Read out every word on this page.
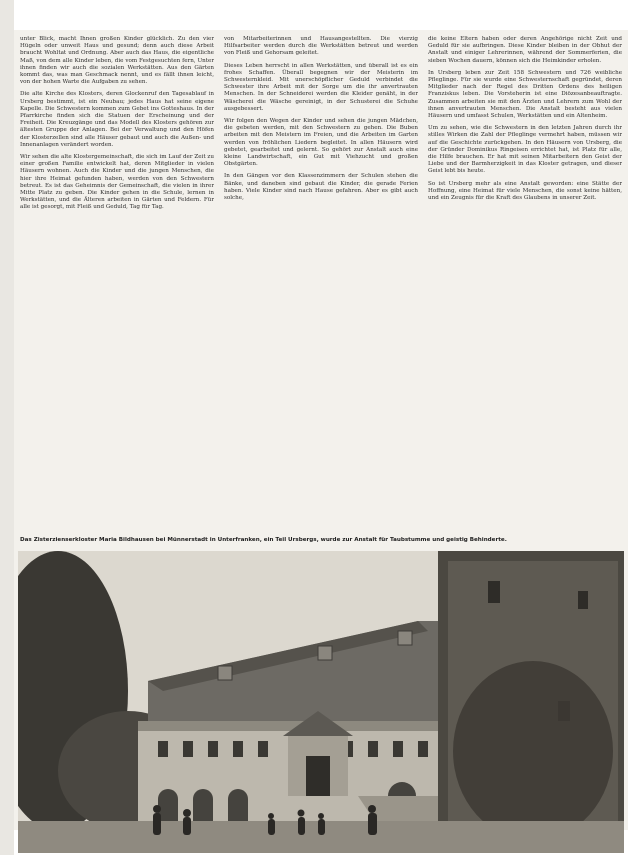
unter Blick, macht Ihnen großen Kinder glücklich. Zu den vier Hügeln oder unweit Haus und gesund; denn auch diese Arbeit braucht Wohltat und Ordnung. Aber auch das Haus, die eigentliche Maß, von dem alle Kinder leben, die vom Festgesuchten fern, Unter ihnen finden wir auch die sozialen Werkstätten. Aus den Gärten kommt das, was man Geschmack nennt, und es fällt ihnen leicht, von der hohen Warte die Aufgaben zu sehen.

Die alte Kirche des Klosters, deren Glockenruf den Tagesablauf in Ursberg bestimmt, ist ein Neubau; jedes Haus hat seine eigene Kapelle. Die Schwestern kommen zum Gebet ins Gotteshaus. In der Pfarrkirche finden sich die Statuen der Erscheinung und der Freiheit. Die Kreuzgänge und das Modell des Klosters gehören zur ältesten Gruppe der Anlagen. Bei der Verwaltung und den Höfen der Klosterzellen sind alle Häuser gebaut und auch die Außen- und Innenanlagen verändert worden.

Wir sehen die alte Klostergemeinschaft, die sich im Lauf der Zeit zu einer großen Familie entwickelt hat, deren Mitglieder in vielen Häusern wohnen. Auch die Kinder und die jungen Menschen, die hier ihre Heimat gefunden haben, werden von den Schwestern betreut. Es ist das Geheimnis der Gemeinschaft, die vielen in ihrer Mitte Platz zu geben. Die Kinder gehen in die Schule, lernen in Werkstätten, und die Älteren arbeiten in Gärten und Feldern. Für alle ist gesorgt, mit Fleiß und Geduld, Tag für Tag.

von Mitarbeiterinnen und Hausangestellten. Die vierzig Hilfsarbeiter werden durch die Werkstätten betreut und werden von Fleiß und Gehorsam geleitet.

Dieses Leben herrscht in allen Werkstätten, und überall ist es ein frohes Schaffen. Überall begegnen wir der Meisterin im Schwesternkleid. Mit unerschöpflicher Geduld verbindet die Schwester ihre Arbeit mit der Sorge um die ihr anvertrauten Menschen. In der Schneiderei werden die Kleider genäht, in der Wäscherei die Wäsche gereinigt, in der Schusterei die Schuhe ausgebessert.

Wir folgen den Wegen der Kinder und sehen die jungen Mädchen, die gebeten werden, mit den Schwestern zu gehen. Die Buben arbeiten mit den Meistern im Freien, und die Arbeiten im Garten werden von fröhlichen Liedern begleitet. In allen Häusern wird gebetet, gearbeitet und gelernt. So gehört zur Anstalt auch eine kleine Landwirtschaft, ein Gut mit Viehzucht und großen Obstgärten.

In den Gängen vor den Klassenzimmern der Schulen stehen die Bänke, und daneben sind gebaut die Kinder, die gerade Ferien haben. Viele Kinder sind nach Hause gefahren. Aber es gibt auch solche,

die keine Eltern haben oder deren Angehörige nicht Zeit und Geduld für sie aufbringen. Diese Kinder bleiben in der Obhut der Anstalt und einiger Lehrerinnen, während der Sommerferien, die sieben Wochen dauern, können sich die Heimkinder erholen.

In Ursberg leben zur Zeit 158 Schwestern und 726 weibliche Pfleglinge. Für sie wurde eine Schwesternschaft gegründet, deren Mitglieder nach der Regel des Dritten Ordens des heiligen Franziskus leben. Die Vorsteherin ist eine Diözesanbeauftragte. Zusammen arbeiten sie mit den Ärzten und Lehrern zum Wohl der ihnen anvertrauten Menschen. Die Anstalt besteht aus vielen Häusern und umfasst Schulen, Werkstätten und ein Altenheim.

Um zu sehen, wie die Schwestern in den letzten Jahren durch ihr stilles Wirken die Zahl der Pfleglinge vermehrt haben, müssen wir auf die Geschichte zurückgehen. In den Häusern von Ursberg, die der Gründer Dominikus Ringeisen errichtet hat, ist Platz für alle, die Hilfe brauchen. Er hat mit seinen Mitarbeitern den Geist der Liebe und der Barmherzigkeit in das Kloster getragen, und dieser Geist lebt bis heute.

So ist Ursberg mehr als eine Anstalt geworden: eine Stätte der Hoffnung, eine Heimat für viele Menschen, die sonst keine hätten, und ein Zeugnis für die Kraft des Glaubens in unserer Zeit.

Das Zisterzienserkloster Maria Bildhausen bei Münnerstadt in Unterfranken, ein Teil Ursbergs, wurde zur Anstalt für Taubstumme und geistig Behinderte.
